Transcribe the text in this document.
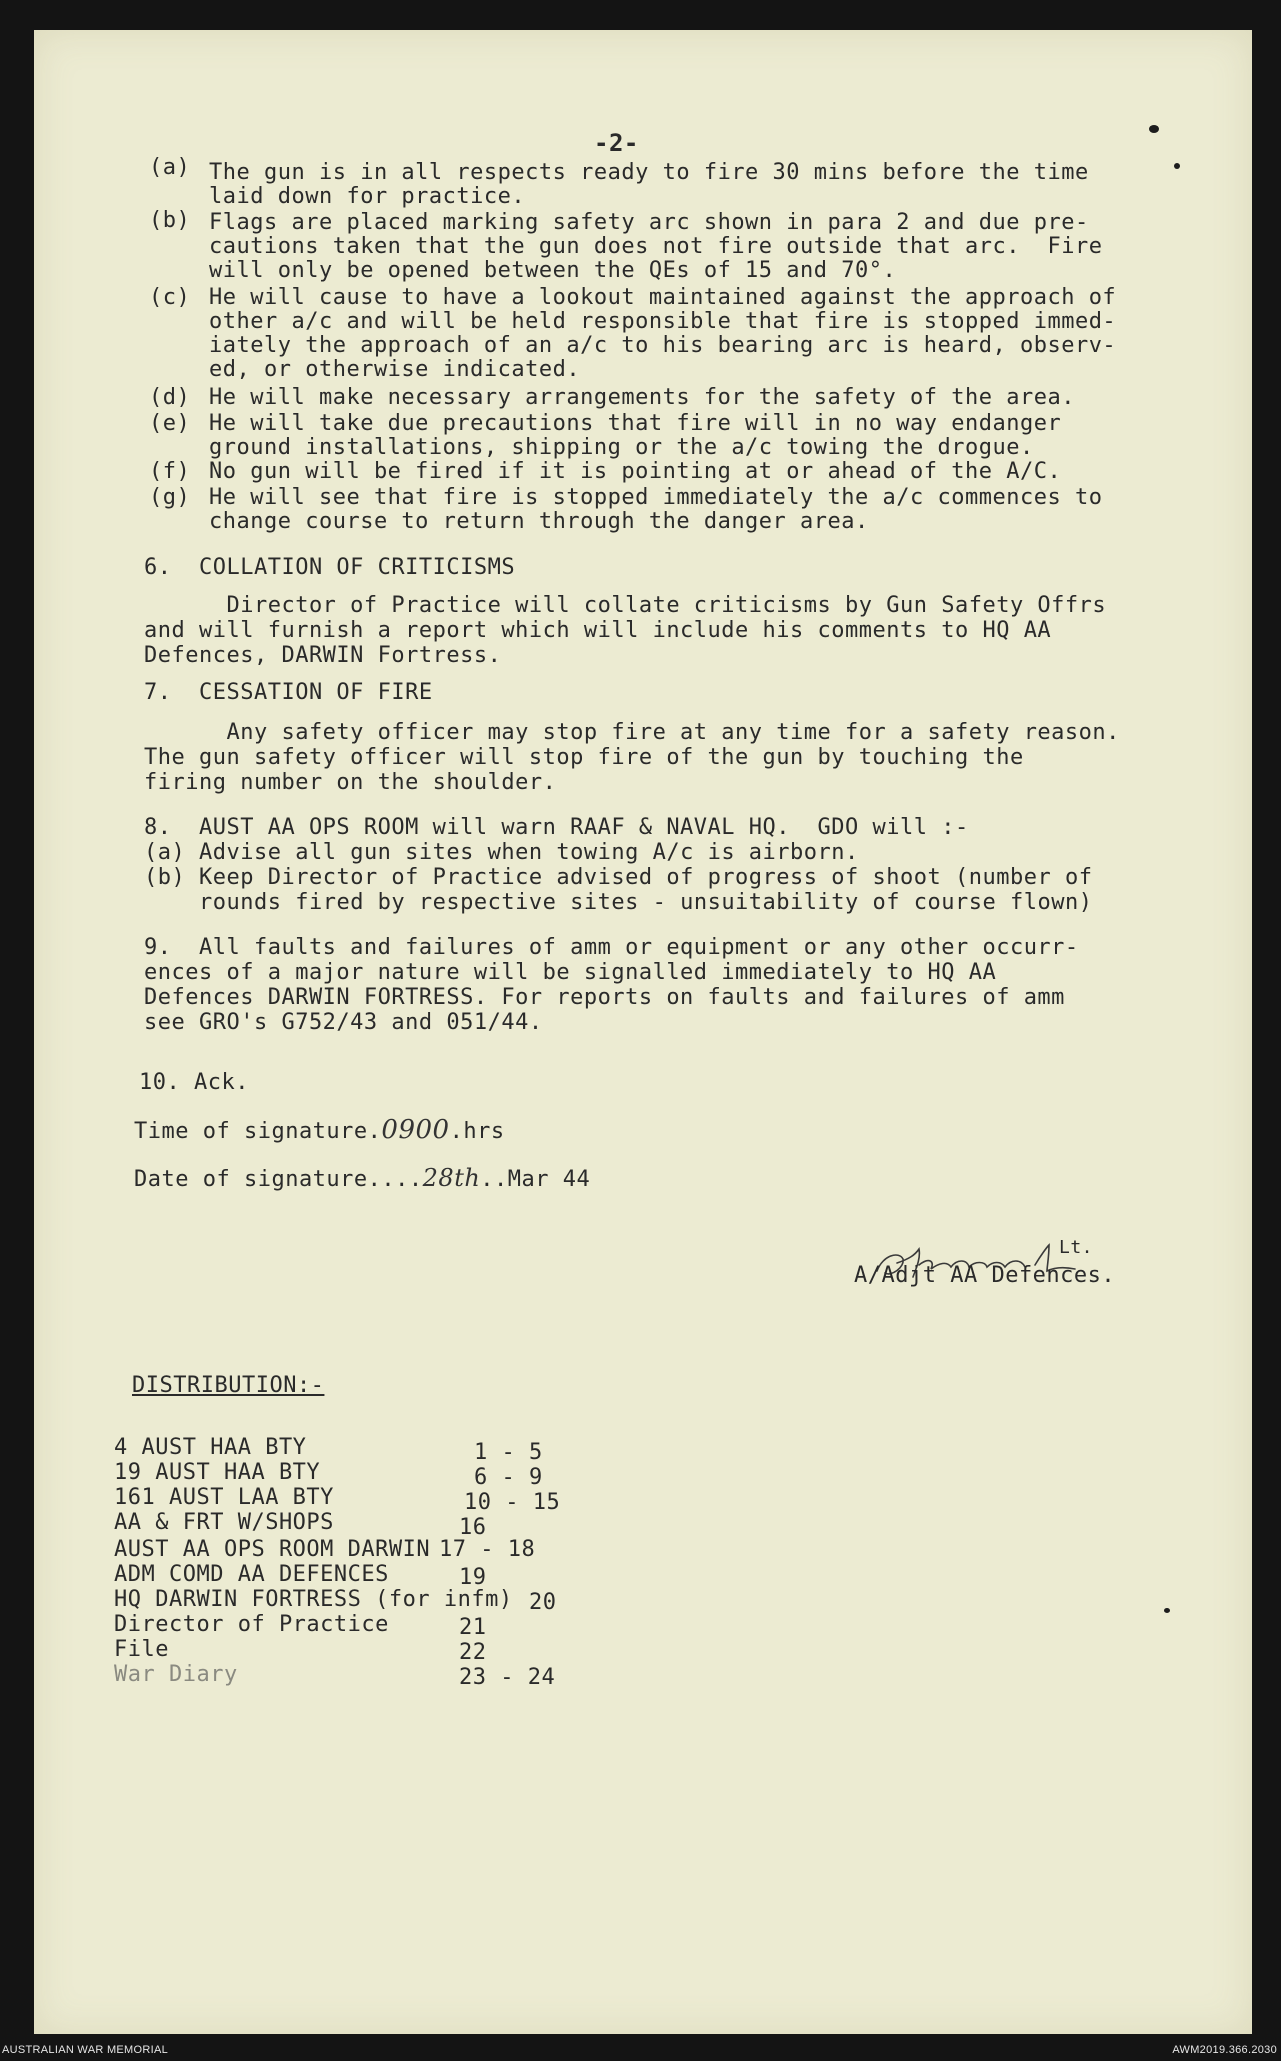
-2-
(a) The gun is in all respects ready to fire 30 mins before the time
laid down for practice.
(b) Flags are placed marking safety arc shown in para 2 and due pre-
cautions taken that the gun does not fire outside that arc.  Fire
will only be opened between the QEs of 15 and 70°.
(c) He will cause to have a lookout maintained against the approach of
other a/c and will be held responsible that fire is stopped immed-
iately the approach of an a/c to his bearing arc is heard, observ-
ed, or otherwise indicated.
(d) He will make necessary arrangements for the safety of the area.
(e) He will take due precautions that fire will in no way endanger
ground installations, shipping or the a/c towing the drogue.
(f) No gun will be fired if it is pointing at or ahead of the A/C.
(g) He will see that fire is stopped immediately the a/c commences to
change course to return through the danger area.
6.  COLLATION OF CRITICISMS
Director of Practice will collate criticisms by Gun Safety Offrs
and will furnish a report which will include his comments to HQ AA
Defences, DARWIN Fortress.
7.  CESSATION OF FIRE
Any safety officer may stop fire at any time for a safety reason.
The gun safety officer will stop fire of the gun by touching the
firing number on the shoulder.
8.  AUST AA OPS ROOM will warn RAAF & NAVAL HQ.  GDO will :-
(a) Advise all gun sites when towing A/c is airborn.
(b) Keep Director of Practice advised of progress of shoot (number of
rounds fired by respective sites - unsuitability of course flown)
9.  All faults and failures of amm or equipment or any other occurr-
ences of a major nature will be signalled immediately to HQ AA
Defences DARWIN FORTRESS. For reports on faults and failures of amm
see GRO's G752/43 and 051/44.
10. Ack.
Time of signature.0900.hrs
Date of signature....28th..Mar 44
Lt.
A/Adjt AA Defences.
DISTRIBUTION:-
4 AUST HAA BTY	1 - 5
19 AUST HAA BTY	6 - 9
161 AUST LAA BTY	10 - 15
AA & FRT W/SHOPS	16
AUST AA OPS ROOM DARWIN 17 - 18
ADM COMD AA DEFENCES	19
HQ DARWIN FORTRESS (for infm) 20
Director of Practice	21
File	22
War Diary	23 - 24
AUSTRALIAN WAR MEMORIAL	AWM2019.366.2030
